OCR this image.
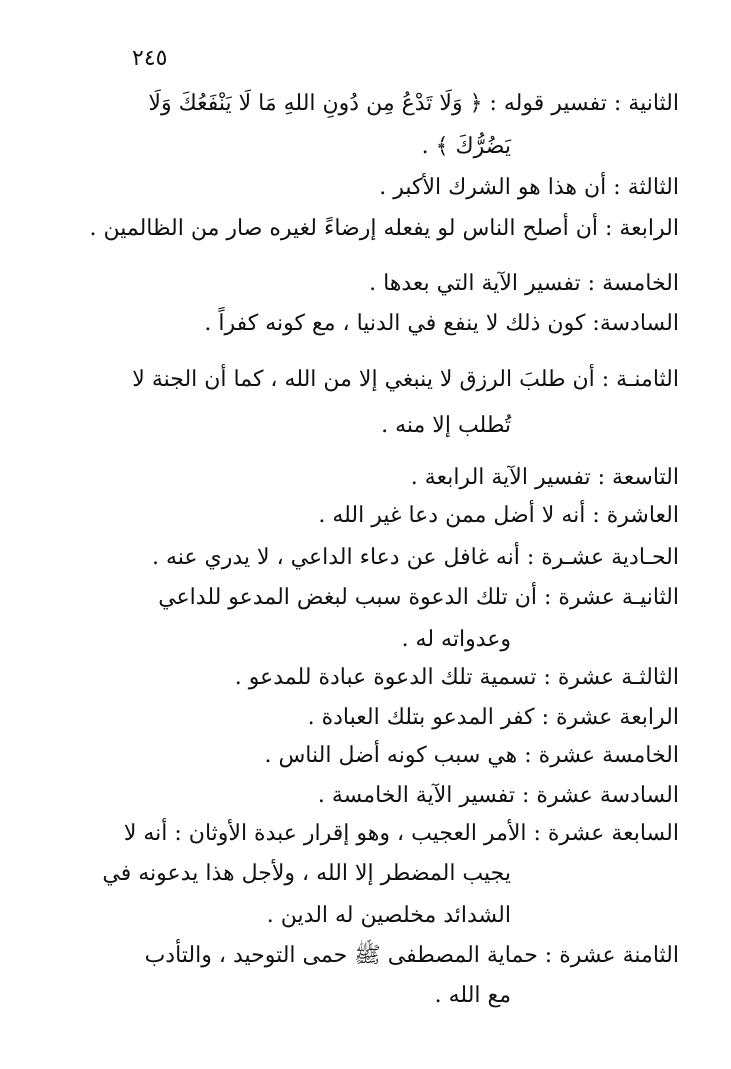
٢٤٥
الثانية : تفسير قوله : ﴿ وَلَا تَدْعُ مِن دُونِ اللهِ مَا لَا يَنْفَعُكَ وَلَا
يَضُرُّكَ ﴾ .
الثالثة : أن هذا هو الشرك الأكبر .
الرابعة : أن أصلح الناس لو يفعله إرضاءً لغيره صار من الظالمين .
الخامسة : تفسير الآية التي بعدها .
السادسة: كون ذلك لا ينفع في الدنيا ، مع كونه كفراً .
الثامنـة : أن طلبَ الرزق لا ينبغي إلا من الله ، كما أن الجنة لا
تُطلب إلا منه .
التاسعة : تفسير الآية الرابعة .
العاشرة : أنه لا أضل ممن دعا غير الله .
الحـادية عشـرة : أنه غافل عن دعاء الداعي ، لا يدري عنه .
الثانيـة عشرة : أن تلك الدعوة سبب لبغض المدعو للداعي
وعدواته له .
الثالثـة عشرة : تسمية تلك الدعوة عبادة للمدعو .
الرابعة عشرة : كفر المدعو بتلك العبادة .
الخامسة عشرة : هي سبب كونه أضل الناس .
السادسة عشرة : تفسير الآية الخامسة .
السابعة عشرة : الأمر العجيب ، وهو إقرار عبدة الأوثان : أنه لا
يجيب المضطر إلا الله ، ولأجل هذا يدعونه في
الشدائد مخلصين له الدين .
الثامنة عشرة : حماية المصطفى ﷺ حمى التوحيد ، والتأدب
مع الله .
